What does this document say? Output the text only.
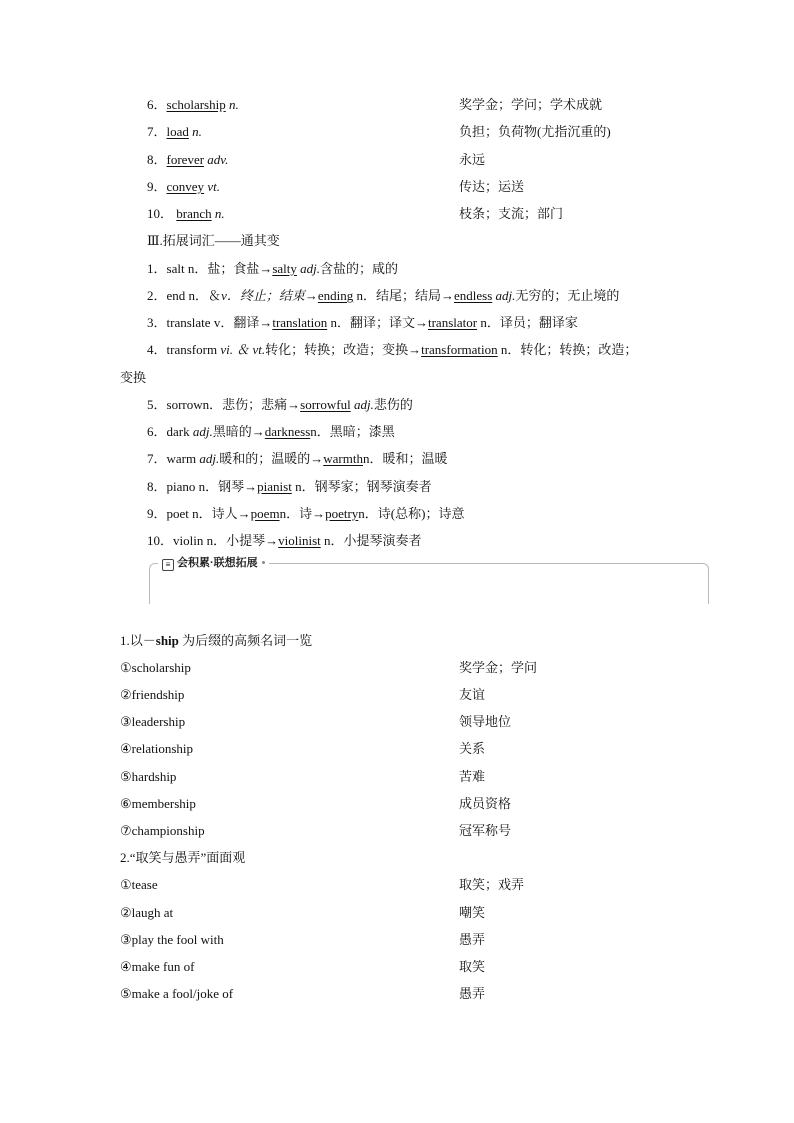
6．scholarship n.	奖学金；学问；学术成就
7．load n.	负担；负荷物(尤指沉重的)
8．forever adv.	永远
9．convey vt.	传达；运送
10． branch n.	枝条；支流；部门
Ⅲ.拓展词汇——通其变
1．salt n．盐；食盐→salty adj.含盐的；咸的
2．end n．＆v．终止；结束→ending n．结尾；结局→endless adj.无穷的；无止境的
3．translate v．翻译→translation n．翻译；译文→translator n．译员；翻译家
4．transform vi. ＆ vt.转化；转换；改造；变换→transformation n．转化；转换；改造；
变换
5．sorrown．悲伤；悲痛→sorrowful adj.悲伤的
6．dark adj.黑暗的→darknessn．黑暗；漆黑
7．warm adj.暖和的；温暖的→warmthn．暖和；温暖
8．piano n．钢琴→pianist n．钢琴家；钢琴演奏者
9．poet n．诗人→poemn．诗→poetryn．诗(总称)；诗意
10．violin n．小提琴→violinist n．小提琴演奏者
≡ 会积累·联想拓展
1.以－ship 为后缀的高频名词一览
①scholarship	奖学金；学问
②friendship	友谊
③leadership	领导地位
④relationship	关系
⑤hardship	苦难
⑥membership	成员资格
⑦championship	冠军称号
2.“取笑与愚弄”面面观
①tease	取笑；戏弄
②laugh at	嘲笑
③play the fool with	愚弄
④make fun of	取笑
⑤make a fool/joke of	愚弄
